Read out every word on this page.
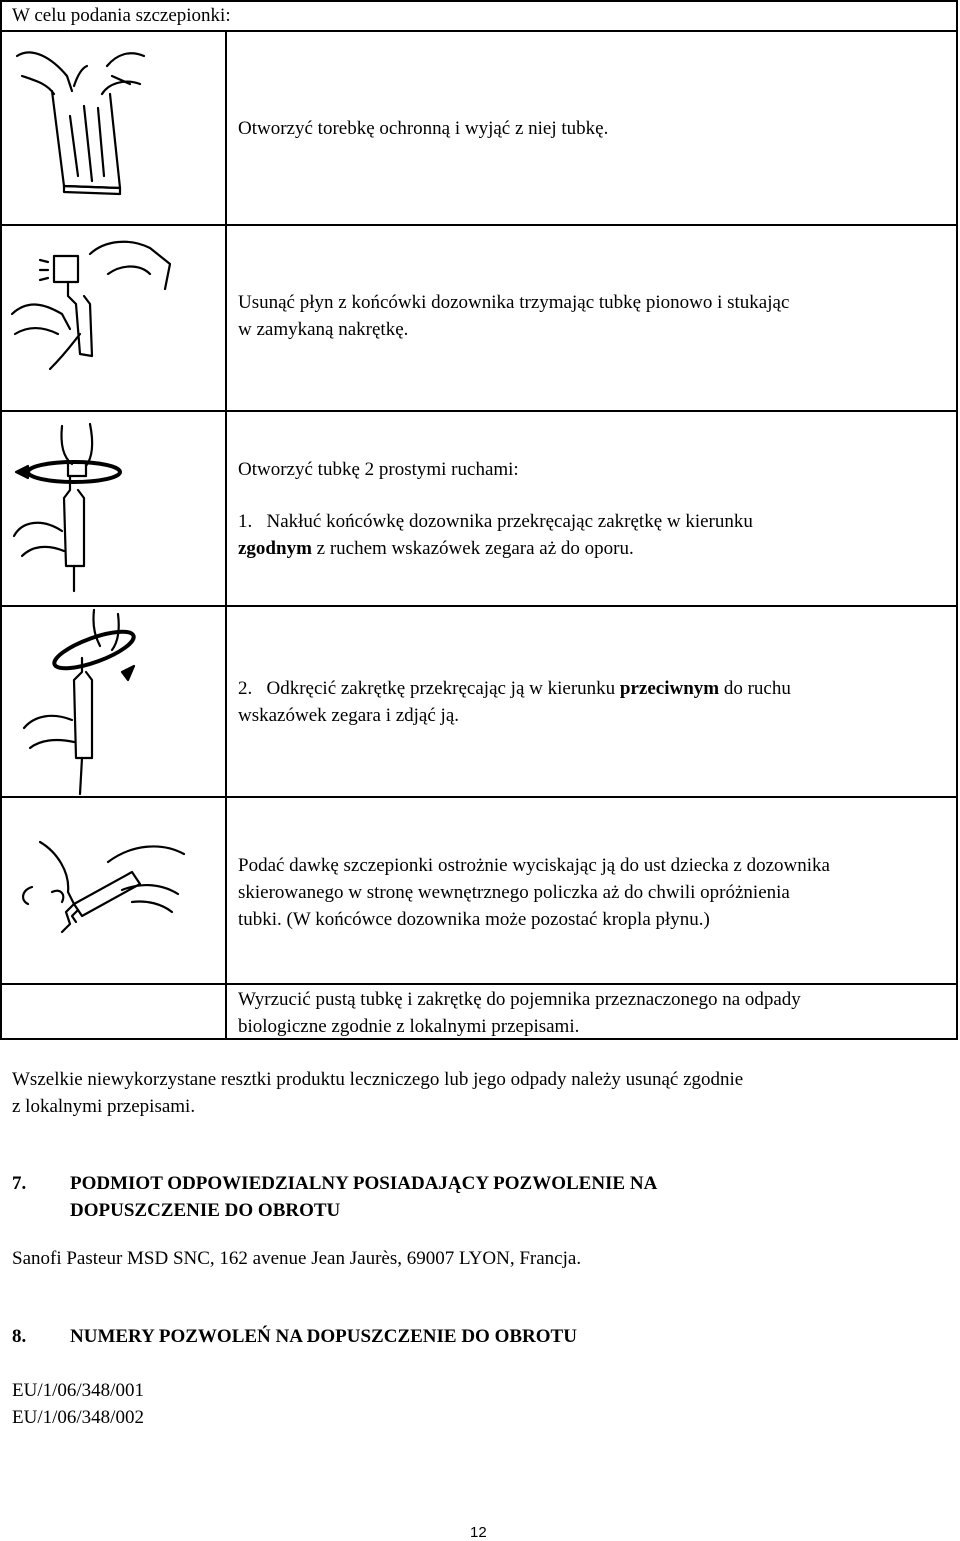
W celu podania szczepionki:
Otworzyć torebkę ochronną i wyjąć z niej tubkę.
Usunąć płyn z końcówki dozownika trzymając tubkę pionowo i stukając
w zamykaną nakrętkę.
Otworzyć tubkę 2 prostymi ruchami:
1.   Nakłuć końcówkę dozownika przekręcając zakrętkę w kierunku
zgodnym z ruchem wskazówek zegara aż do oporu.
2.   Odkręcić zakrętkę przekręcając ją w kierunku przeciwnym do ruchu
wskazówek zegara i zdjąć ją.
Podać dawkę szczepionki ostrożnie wyciskając ją do ust dziecka z dozownika
skierowanego w stronę wewnętrznego policzka aż do chwili opróżnienia
tubki. (W końcówce dozownika może pozostać kropla płynu.)
Wyrzucić pustą tubkę i zakrętkę do pojemnika przeznaczonego na odpady
biologiczne zgodnie z lokalnymi przepisami.
Wszelkie niewykorzystane resztki produktu leczniczego lub jego odpady należy usunąć zgodnie
z lokalnymi przepisami.
7. PODMIOT ODPOWIEDZIALNY POSIADAJĄCY POZWOLENIE NA
DOPUSZCZENIE DO OBROTU
Sanofi Pasteur MSD SNC, 162 avenue Jean Jaurès, 69007 LYON, Francja.
8. NUMERY POZWOLEŃ NA DOPUSZCZENIE DO OBROTU
EU/1/06/348/001
EU/1/06/348/002
12
